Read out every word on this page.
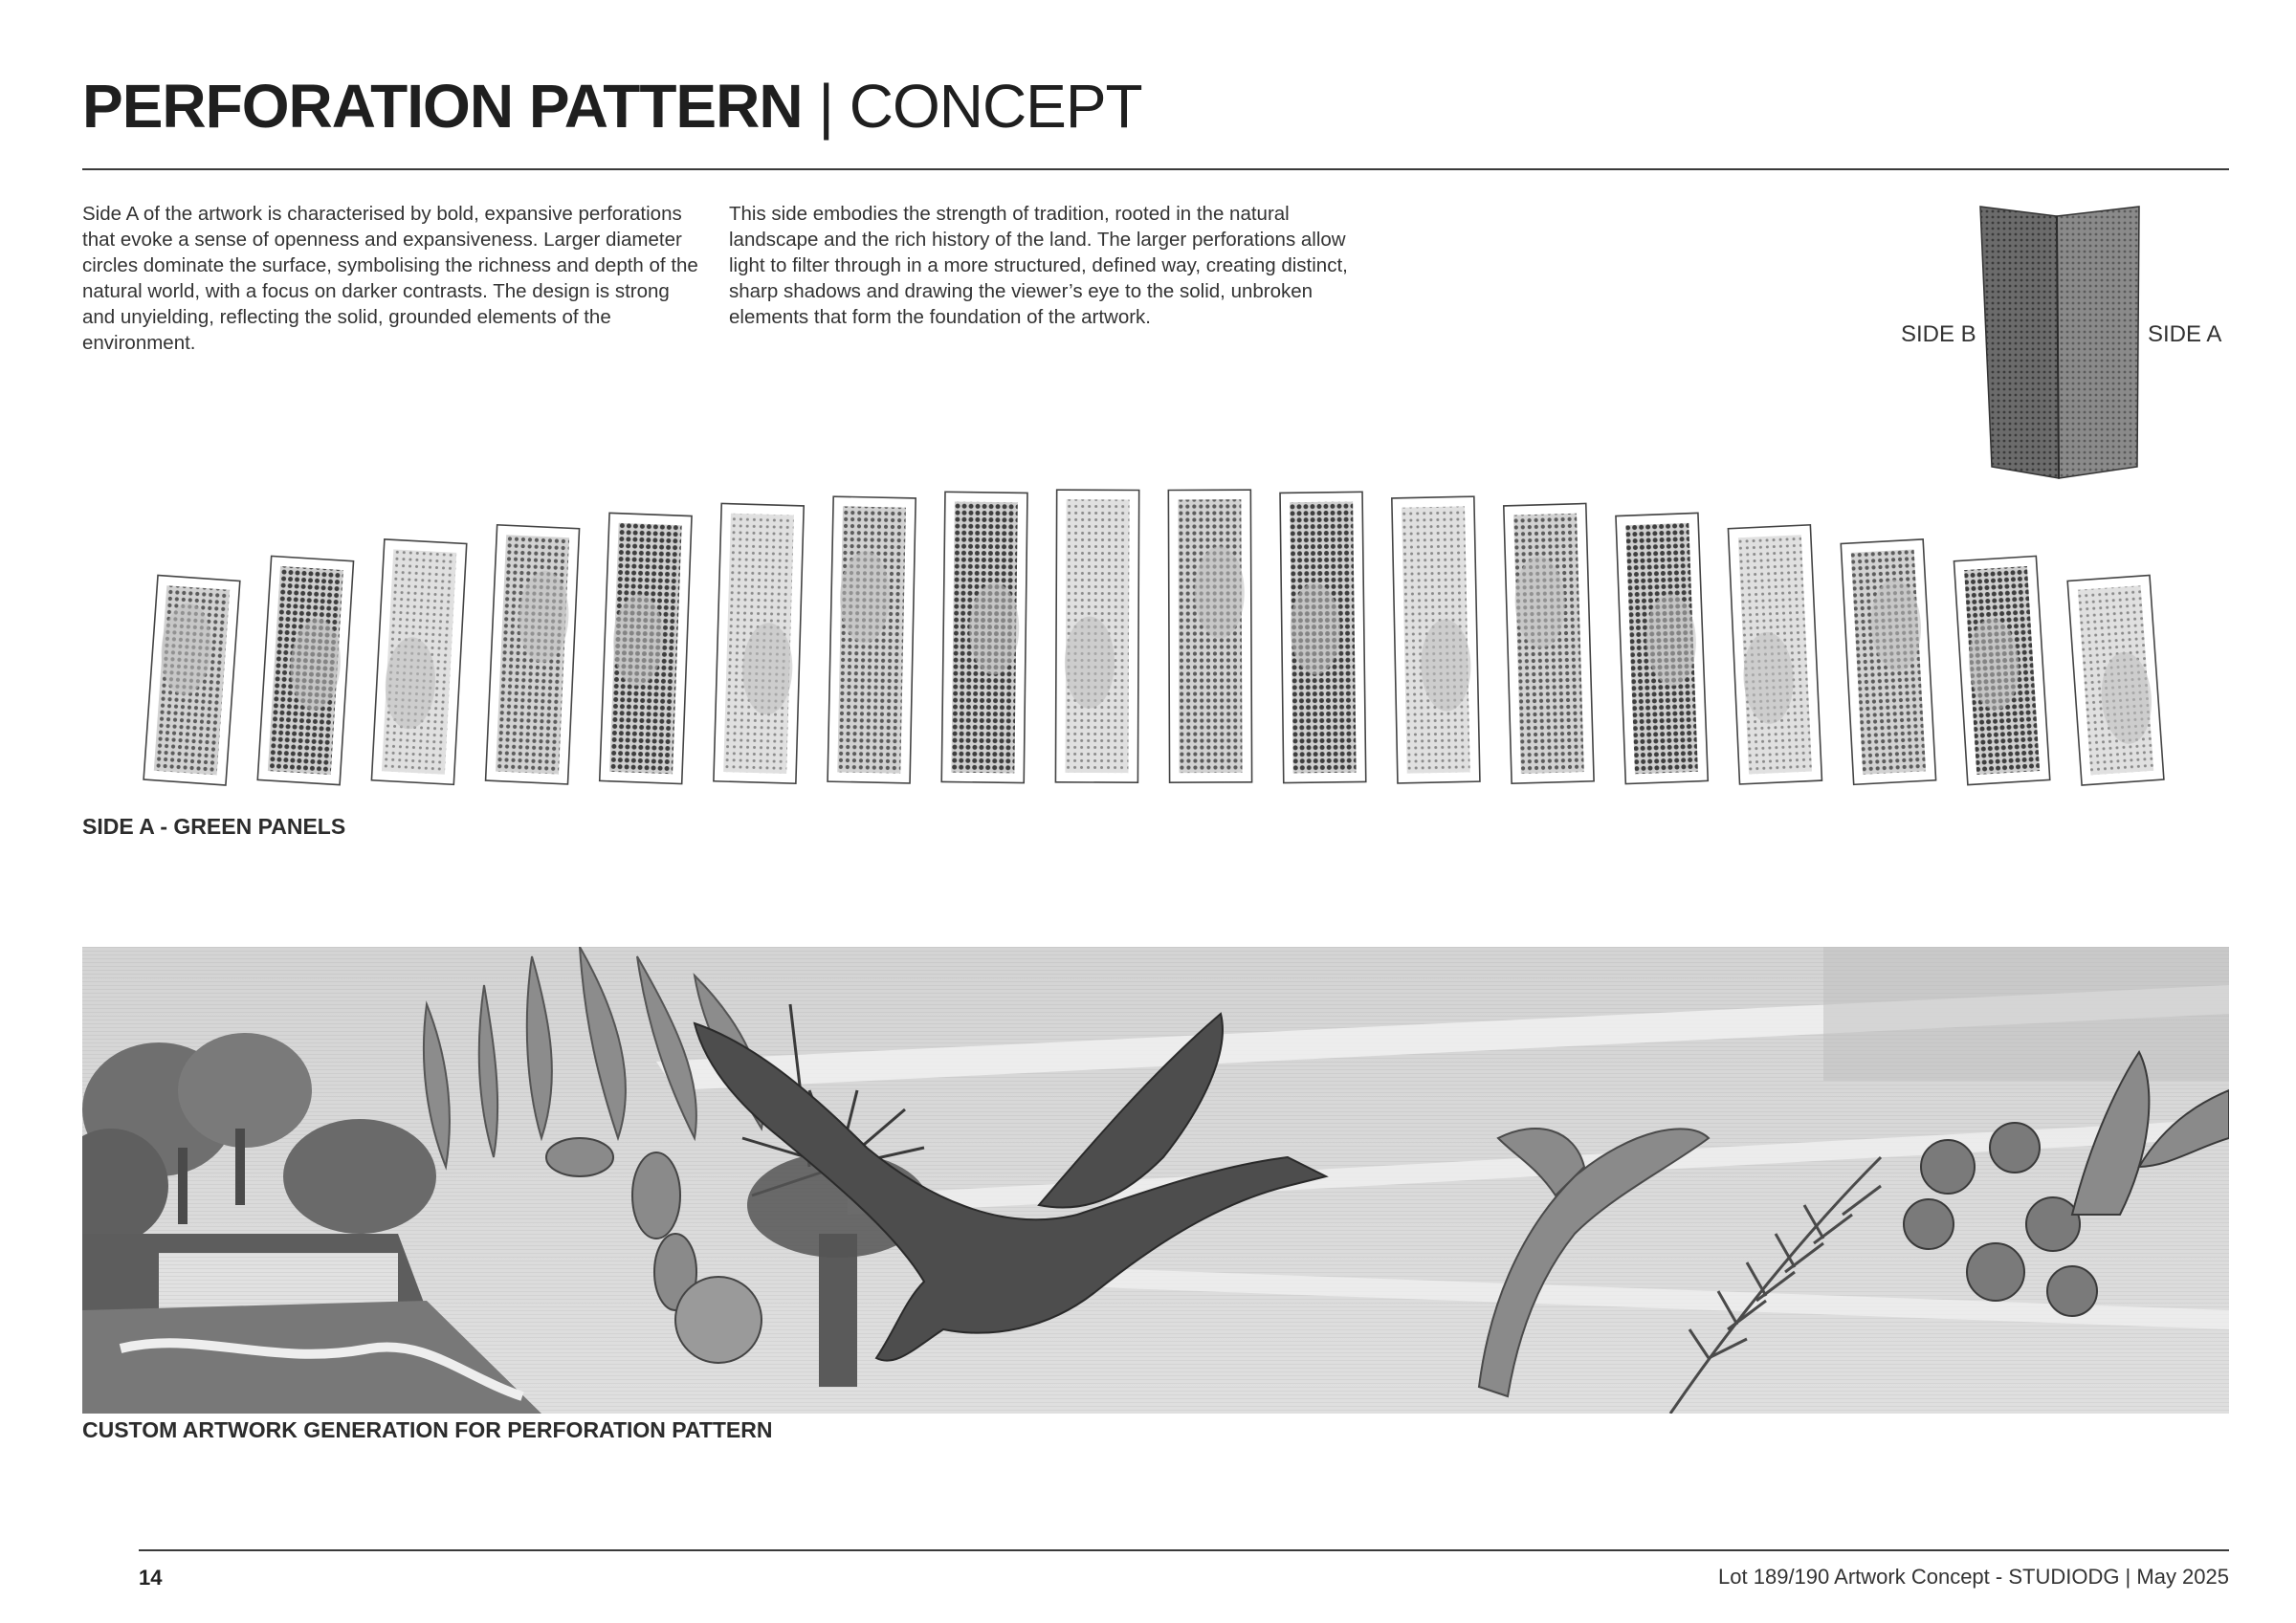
PERFORATION PATTERN | CONCEPT
Side A of the artwork is characterised by bold, expansive perforations that evoke a sense of openness and expansiveness. Larger diameter circles dominate the surface, symbolising the richness and depth of the natural world, with a focus on darker contrasts. The design is strong and unyielding, reflecting the solid, grounded elements of the environment.
This side embodies the strength of tradition, rooted in the natural landscape and the rich history of the land. The larger perforations allow light to filter through in a more structured, defined way, creating distinct, sharp shadows and drawing the viewer’s eye to the solid, unbroken elements that form the foundation of the artwork.
SIDE B	SIDE A
SIDE A - GREEN PANELS
CUSTOM ARTWORK GENERATION FOR PERFORATION PATTERN
14	Lot 189/190 Artwork Concept - STUDIODG | May 2025
